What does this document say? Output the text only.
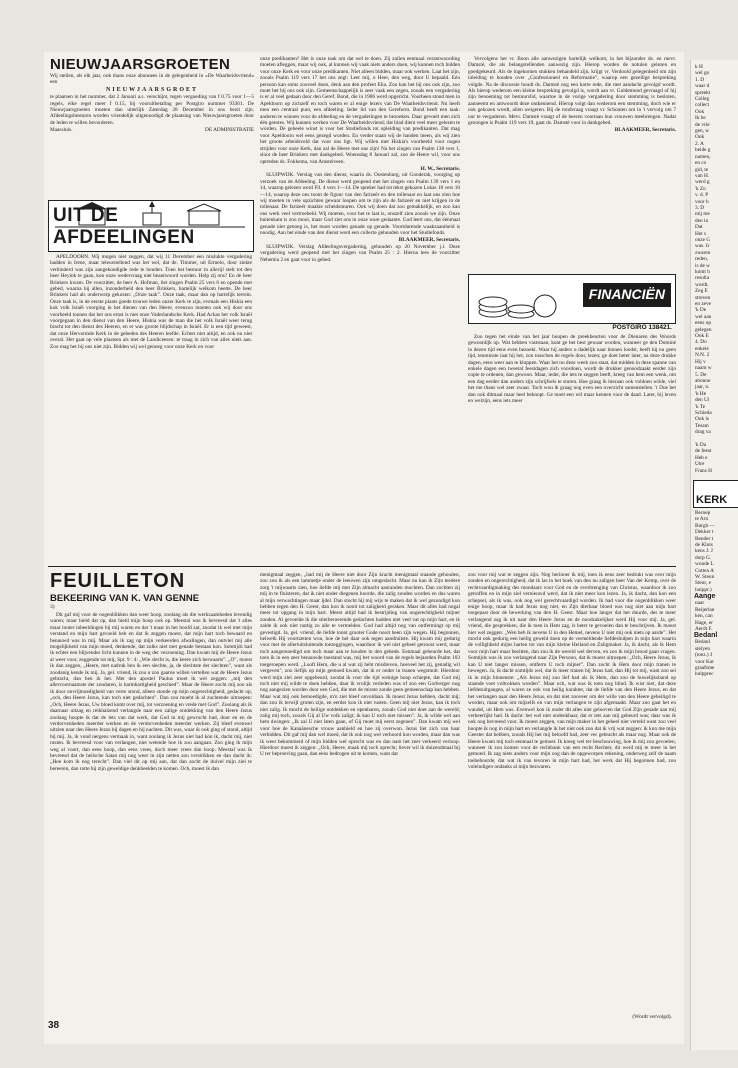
NIEUWJAARSGROETEN

Wij stellen, als elk jaar, ook thans onze abonnees in de gelegenheid in »De Waarheidsvriend« een

NIEUWJAARSGROET

te plaatsen in het nummer, dat 2 Januari a.s. verschijnt, tegen vergoeding van f 0.75 voor 1—5 regels, elke regel meer f 0.15, bij vooruitbetaling per Postgiro nummer 93361. De Nieuwjaarsgroeten moeten dan uiterlijk Zaterdag 28 December in ons bezit zijn. Afdeelingsbesturen worden vriendelijk uitgenoodigd de plaatsing van Nieuwjaarsgroeten door de leden te willen bevorderen.

Maassluis.	DE ADMINISTRATIE
UIT DE AFDEELINGEN

APELDOORN. Wij mogen niet zeggen, dat wij 11 December een mislukte vergadering hadden in Irene, maar teleurstellend was het wel, dat de. Timmer, uit Ermelo, door ziekte verhinderd was zijn aangekondigde rede te houden. Toen het bestuur in allerijl stelt tot den heer Heyink te gaan, kon onze wedervraag niet beantwoord worden. Help zij ons? En de heer Brinkers kwam. De voorzitter, de heer A. Hofman, liet zingen Psalm 25 vers 6 en opende met gebed, waarna hij allen, inzonderheid den heer Brinkers, hartelijk welkom heette. De heer Brinkers had als onderwerp gekozen: „Onze taak”. Onze taak, maar dan op hartelijk terrein. Onze taak is, in de eerste plaats goede trouwe leden onzer Kerk te zijn, evenals een Hiskia een kok volk Israël voorging in het dienen van den Heere, evenzoo moeten ook wij door ons voorbeeld toonen dat het ons ernst is met onze Vaderlandsche Kerk. Had Achas het volk Israël voorgegaan in den dienst van den Heere, Hiskia was de man die het volk Israël weer terug bracht tot den dienst des Heeren, en er was groote blijdschap in Israël. Er is een tijd geweest, dat onze Hervormde Kerk in de gebeden des Heeren leefde. Echter niet altijd, en ook nu niet overal. Het gaat op vele plaatsen als met de Laodiceesen: te traag in zich van alles niets aan. Zoo mag het bij ons niet zijn. Bidden wij wel genoeg voor onze Kerk en voor

onze predikanten? Het is onze taak om dat wel te doen. Zij zullen eenmaal verantwoording moeten afleggen, maar wij ook, al kunnen wij vaak niets anders doen, wij kunnen toch bidden voor onze Kerk en voor onze predikanten. Niet alleen bidden, maar ook werken. Laat het zijn, zooals Psalm 119 vers 17 het ons zegt: Leer mij, o Heer, den weg, door U bepaald. Eén persoon kan soms zooveel doen, denk aan den profeet Elia. Zoo kan het bij ons ook zijn, zoo moet het bij ons ook zijn. Gemeenschappelijk is zeer vaak een zegen, zooals een vergadering is er al veel gedaan door den Geref. Bond, die in 1906 werd opgericht. Voorheen stond men in Apeldoorn op zichzelf en toch waren er al enige lezers van De Waarheidsvriend. Nu heeft men een centraal punt, een afdeeling. Ieder lid van den Gereform. Bond heeft een taak: anderen te winnen voor de afdeeling en de vergaderingen te bezoeken. Daar gevoelt men zich één geestes. Wij kunnen werken voor De Waarheidsvriend; dat blad dient veel meer gelezen te worden. De geheele winst is voor het Studiefonds tot opleiding van predikanten. Dat mag voor Apeldoorn wel eens gezegd worden. En verder staan wij de handen ineen, als wij zien het groote arbeidsveld dat voor ons ligt. Wij willen met Hiskia's voorbeeld voor oogen strijden voor onze Kerk, dan zal de Heere met ons zijn! Na het zingen van Psalm 138 vers 1, sloot de heer Brinkers met dankgebed. Woensdag 8 Januari zal, zoo de Heere wil, voor ons optreden ds. Fokkema, van Amstelveen.

H. W., Secretaris.

SLUIPWIJK. Verslag van den dienst, waarin ds. Oostenburg, uit Gouderak, voorging op verzoek van de Afdeeling. De dienst werd geopend met het zingen van Psalm 139 vers 1 en 14, waarop gelezen werd Fil. 4 vers 1—14. De spreker had tot tekst gekozen Lukas 18 vers 10—14, waarop deze ons toont de figuur van den farizeër en den tollenaar en laat ons zien hoe wij moeten in vele opzichten gewaar loopen om te zijn als de farizeër en niet krijgen in de tollenaar. De farizeër maakte scheidsmuren. Ook wij doen dat zoo gemakkelijk, en zoo kan ons werk veel vertroebeld. Wij moeten, voor het te laat is, onszelf zien zooals we zijn. Onze buitenkant is zoo mooi, maar God ziet ons in onze ware gedaante. God leert ons, dat éénmaal genade niet genoeg is, het moet worden genade op genade. Voortdurende waakzaamheid is noodig. Aan het einde van den dienst werd een collecte gehouden voor het Studiefonds.

BLAAKMEER, Secretaris.

SLUIPWIJK. Verslag Afdeelingsvergadering, gehouden op 20 November j.l. Deze vergadering werd geopend met het zingen van Psalm 25 : 2. Hierna lees de voorzitter Nehemia 2 en gaat voor in gebed.

Vervolgens het vr. Boon alle aanwezigen hartelijk welkom, in het bijzonder ds. en mevr. Damsté, die als belangstellenden aanwezig zijn. Hierop worden de notulen gelezen en goedgekeurd. Als de ingekomen stukken behandeld zijn, krijgt vr. Verdoold gelegenheid om zijn inleiding te houden over „Confessioneel en Reformatie”, waarop een gezellige bespreking volgde. Na de discussie houdt ds. Damsté nog een korte rede, die met aandacht gevolgd wordt. Als hierop wederom een kleine bespreking gevolgd is, wordt aan vr. Guldemond gevraagd of hij zijn benoeming tot bestuurslid, waartoe in de vorige vergadering door stemming is besloten, aanneemt en antwoordt deze ontkennend. Hierop volgt dan wederom een stemming, doch wie er ook gekozen wordt, allen weigeren. Bij de rondvraag vraagt vr. Schouten om in 't vervolg om 7 uur te vergaderen. Mevr. Damsté vraagt of de heeren voortaan hun vrouwen meebrengen. Nadat gezongen is Psalm 119 vers 19, gaat ds. Damsté voor in dankgebed.

BLAAKMEER, Secretaris.
FINANCIËN
POSTGIRO 138421.

Zoo tegen het einde van het jaar hoopen de preekbeurten voor de Dienaren des Woords gewoonlijk op. Wat hebben vaststaan, kunt ge het best gewaar worden, wanneer ge den Dominé in dezen tijd eens even bezoekt. Waar hij anders u dadelijk naar binnen loodst, heeft hij nu geen tijd, tenminste laat hij het, zoo tusschen de regels door, lezen; ge doet beter later, na deze drukke dagen, eens weer aan te kloppen. Waar het nu deze week zoo staat, dat midden in deze spanne van enkele dagen een tweetal feestdagen zich voordoen, wordt de drukker genoodzaakt eerder zijn copie te ordenen, dan gewoon. Maar, ieder, die iets te zeggen heeft, kreeg van hem een wenk, om een dag eerder dan anders zijn schrijfsels te sturen. Hoe graag ik hieraan ook voldoen wilde, viel het me thans wel zeer zwaar. Toch wou ik graag nog even een overzicht samenstellen. 't Doe het dan ook ditmaal maar heel beknopt. Ge moet een wil maar kennen voor de daad. Later, bij leven en welzijn, eens iets meer

FEUILLETON
BEKEERING VAN K. VAN GENNE
3)

Dit gaf mij voor de oogenblikken dan weer hoop, zoolang als die werkzaamheden levendig waren; maar hield dat op, dan hield mijn hoop ook op. Meestal was ik bevreesd dat 't alles maar louter inbeeldingen bij mij waren en dat 't maar in het hoofd zat, zoodat ik wel met mijn verstand en mijn hart gevoeld heb en dat ik zeggen moest, dat mijn hart toch bewaard en benauwd was in mij. Maar als ik zag op mijn verkeerden afwalingen, dan ontviel mij alle mogelijkheid van mijn moed, denkende, dat zulks niet met genade bestaan kon. Somtijds had ik echter een blijvender licht kunnen in de weg der verzoening. Dan kwam mij de Heere Jezus al weer voor, zeggende tot mij, Spr. 9 : 4: „Wie slecht is, die keere zich herwaarts”. „O”, moest ik dan zeggen, „Heere, met nadruk ben ik een slechte, ja, de slechtste der slechten”, want als zoodanig kende ik mij. Ja, gel. vriend, ik zou u zoo gaarne willen vertellen wat de Heere Jezus gebracht, dan ben ik het. Met den apostel Paulus moet ik wel zeggen: „mij den allervoornaamste der zondaren, is barmhartigheid geschied”. Maar de Heere zocht mij zoo als ik door onvrijmoedigheid van verre stond, alleen stonde op mijn ongerechtigheid, gedacht op, „och, den Heere Jezus, kan toch niet gedachten”. Dan zou moeht ik al zuchtende uitroepen: „Och, Heere Jezus, Uw bloed komt over mij, tot verzoening en vrede met God”. Zoolang als ik daarnaar uitzag en reikhalzend verlangde naar een zalige ontdekking van den Heere Jezus zoolang hoopte ik dat de lets van dat werk, dat God in mij gewrocht had, door en en de verdorvenheden meerder werken en de verdorvenheden meerder werken. Zij bleef evenwel uitzien naar den Heere Jezus bij dagen en bij nachten. Dit was, waar ik ook ging of stond, altijd bij mij. Ja, ik vond nergens vermaak in, want zoolang ik Jezus niet had kon ik, dacht mij, niet rusten. Ik bevreesd voor van verlangen, niet wetende hoe ik zou aangaan. Zoo ging ik mijn weg al voort, dan eens hoop, dan eens vrees, doch meer vrees dan hoop. Meestal was ik bevreesd dat de heilsche Satan mij nog weer in zijn netten zou verstrikken en dan dacht ik: „Hoe kom ik nog terecht”. Dan viel dit op mij aan, dat dan zocht de duivel mijn ziel te bereeren, dan rotte hij zijn geweldige denkbeelden te komen. Och, moest ik dan

menigmaal zeggen, „had mij de Heere niet door Zijn kracht menigmaal staande gehouden, zoo zou ik als een lammetje onder de leeuwen zijn omgeslacht. Maar nu kan ik Zijn teedere zorg 't mijwaarts zien, hoe liefde mij met Zijn almacht aanranden mochten. Dan zochten zij mij in te fluisteren, dat ik niet onder diegenen hoorde, die zalig zouden worden en dus waren al mijn verwachtingen maar ijdel. Dan stocht hij mij wijs te maken dat ik wel gezondigd kon hebben tegen den H. Geest, dan kon ik nooit tot zaligheid geraken. Maar dit alles had nogal meer tot opgang in mijn hart. Meest altijd had ik bestrijding van ongerechtigheid mijner zonden. Al gevoelde ik die stierberoerende gedachten hadden niet veel vat op mijn hart, en ik zalde ik ook niet nuttig zo alle te vermelden. God had altijd nog van ontfermingt op mij gevestigd. Ja, gel. vriend, de liefde toont grooter Gode nooit heen zijn wegen. Hij begonnen, helwelk Hij voortzetten wou, hoe de hel daar ook tegen aandruitste. Hij kwam mij gedurig voor met de allertuitsluitende toezeggingen, waardoor ik wel niet geheel getroost werd, maar toch aangemoedigd om toch maar aan te houden in den gebede. Eenmaal gebeurde het, dat toen ik in een zeer benauwde toestand was, mij het woord van de regels bejaarden Psalm 103 toegeroepen werd. „Looft Hem, die u al wat zij hebt misdreven, hoeveel het zij, genadig wil vergeven”, zoo liefijk op mijn gemoed kwam, dat ik er onder in tranen wegsmolt. Hierdoor werd mijn ziel zeer opgebeurd, zoodat ik voor die tijd weinige hoop schiepte, dat God mij toch niet mij wilde te doen hebben, daar ik vrolijk verleden was of zoo een Godverger nog nog aangezien worden door een God, die met de misste zonde geen gemeenschap kan hebben. Maar wat mij ook bemoedigde, m'n ziel bleef onvoldaan. Ik moest Jezus hebben, dacht mij; dan zou ik terwijl groten zijn, en eerder kon ik niet rusten. Geen mij niet Jezus, kan ik toch niet zalig. Ik mocht de heilige ontdekken en openbaren, zooals God niet doet aan de wereld; zalig mij toch, zooals Gij al Uw volk zaligt; ik kan U toch niet missen”. Ja, ik wilde wel aan hem dwingen: „Ik zal U niet laten gaan, of Gij moet mij eerst zegenen”. Dan kwam mij wel voor hoe de Kanaänesche vrouw aanhield en hoe zij overwon. Jezus liet zich van haar verbidden. Dit gaf mij dan wel moed, dat ik ook nog wel verhoord kon worden, maar dan was ik weer bekommerd of mijn bidden wel oprecht was en dan nam het zeer verkeerd verloop. Hierdoor moest ik zeggen: „Och, Heere, maak mij toch oprecht; liever wil ik duizendmaal bij U ter beproeving gaan, dan eens bedrogen uit te komen, want dat

zou voor mij wat te zeggen zijn. Nog herinner ik mij, toen ik eens zeer bedrukt was over mijn zonden en ongerechtigheid, dat ik las in het boek van den nu zaligen heer Van der Kemp, over de rechtvaardigmaking des mondaars voor God en de overbrenging van Christus, waardoor ik zoo getroffen en in mijn ziel vernieuwd werd, dat ik niet meer kon lezen. Ja, ik dacht, dan kon een schepsel, als ik was, ook nog wel gerechtvaardigd worden. Ik had voor die oogenblikken weer enige hoop, maar ik had Jezus nog niet, en Zijn dierbaar bloed was nog niet aan mijn hart toegepast door de bewerking van den H. Geest. Maar hoe langer dat het duurde, des te meer verlangend zag ik uit naar den Heere Jezus en de noodzakelijker werd Hij voor mij. Ja, gel. vriend, die gesprekken, die ik toen in Hem zag, is beter te gevoelen dan te beschrijven. Ik moest hier wel zeggen: „Wen heb ik nevens U in den Hemel, nevens U niet mij ook niets op aarde”. Het mocht ook gedurig een heilig geweld doen op de vermeldende liefdeshulpen in mijn hart waarin de vollighheid mijns harten tot van mijn kleine Heiland en Zaligmaker. Ja, ik dacht, als ik Hem voor mijn hart maar bezitten, dan zou ik de wereld wel derven, en zoo ik mijn brood gaan vragen. Somtijds was ik zoo verlangend naar Zijn Persoon, dat ik moest uitroepen: „Och, Heere Jezus, ik kan U niet langer missen, ontferm U toch mijner”. Dan zocht ik Hem door mijn tranen te bewegen. Ja, ik dacht somtijds wel, dat ik meer tranen bij Jezus had, dan Hij tot mij, want zoo sei ik in mijn binnenste: „Als Jezus mij zoo lief had als ik Hem, dan zou de huwelijksband op staande voet voltrokken worden”. Maar och, wat was ik toen nog blind. Ik wist niet, dat deze liefdesuitgangen, al waren ze ook van heilig karakter, dat de liefde van den Heere Jezus, en dat het verlangen naar den Heere Jezus, en dat niet zooveer om der wille van den Heere geheiligd te worden, maar ook om mijzelfs en van mijn verlangen te zijn afgemaakt. Maar zoo gaat het en wandel, uit Hem was. Evenwel kon ik onder dit alles niet gelooven dat God Zijn genade aan mij verheerlijkt had. Ik dacht: het wel niet ondenkbaar, dat er iets aan mij gebeurd was; daar was ik ook nog bevreesd voor. Ik moest zeggen, van mijn maker in het geheel niet verteld want zoo veel hoopte ik nog in mijn hart en verlangde ik het niet ook zoo dat ik vrij wat zeggen: ik kon me mijn Geester dat hebben, zooals Hij het mij beloofd had, zeer ver gebracht als maar nog. Maar ook de Heere kwam mij toch eenmaal te gemoet. Ik kreeg wel ter beschouwing, hoe ik mij zou gevoelen, wanneer ik zou komen voor de rechtbank van een recht Rechter, dit werd mij te meer in het gemoed. Ik zag niets anders voor mijn oog dan de opgeworpen rekening, onderweg zelf de naam toebehoorde, dat wat ik van tevoren in mijn hart had, het werk dat Hij begonnen had, zou voleindigen ondanks al mijn bezwaren.

(Wordt vervolgd).
38
k H
wel go
1. D
waar d
spreekt
Colleg
collect
Ook
Ik be
de vrie
gen, w
Ook
2. A
beide g
namen,
en co
gid, te
van H.
werd g
'k Zo
v. d. P
voor h
3. D
mij me
den in
Dat
Het s
onze G
was. Ir
zwaren
reden,
is de w
komt h
resulta
wordt.
Zeg E
streven
en zeve
'k De
wel aan
eens op
gelegen
Ook E
4. Do
enkele
N.N. 2
Hij v
naam w
5. De
abonne
jaar, n.
'k He
den Ui
'k Te
Schieda
Ook is
Tesam
drag va

'k Da
de feest
Heb e
Utre
Frans H
KERK
Beroep
te Arn
Burgh —
Dekker t
Bender t
de Kluis
kens J. J
dorp G.
woude L
Cotten A
W. Steun
Steur, e
huippr.)
Aange
naar
Beijerlan
ken, can
Hage, er
Aerdt F.
Bedanl
Bedanl
stelyen
(toez.) J
voor Kat
graafsme
hulpprec
